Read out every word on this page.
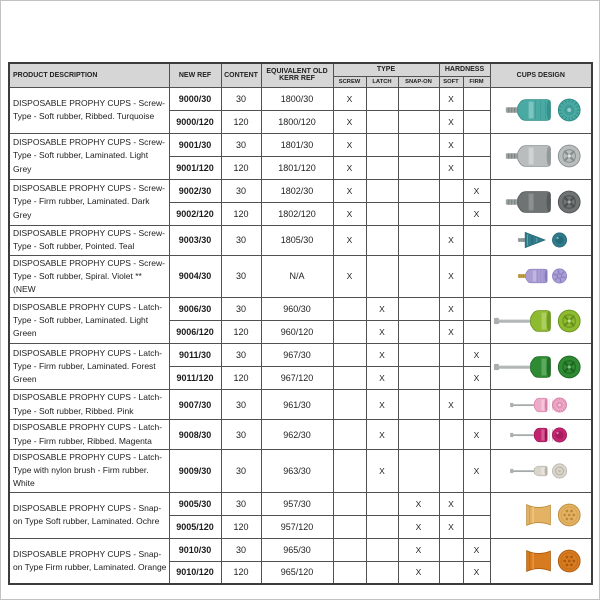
PRODUCT DESCRIPTION	NEW REF	CONTENT	EQUIVALENT OLD KERR REF	TYPE			HARDNESS		CUPS DESIGN
				SCREW	LATCH	SNAP-ON	SOFT	FIRM	
DISPOSABLE PROPHY CUPS - Screw-Type - Soft rubber, Ribbed. Turquoise	9000/30	30	1800/30	X			X		

	9000/120	120	1800/120	X			X		
DISPOSABLE PROPHY CUPS - Screw-Type - Soft rubber, Laminated. Light Grey	9001/30	30	1801/30	X			X		

	9001/120	120	1801/120	X			X		
DISPOSABLE PROPHY CUPS - Screw-Type - Firm rubber, Laminated. Dark Grey	9002/30	30	1802/30	X				X	

	9002/120	120	1802/120	X				X	
DISPOSABLE PROPHY CUPS - Screw-Type - Soft rubber, Pointed. Teal	9003/30	30	1805/30	X			X		

DISPOSABLE PROPHY CUPS - Screw-Type - Soft rubber, Spiral. Violet ** (NEW	9004/30	30	N/A	X			X		

DISPOSABLE PROPHY CUPS - Latch-Type - Soft rubber, Laminated. Light Green	9006/30	30	960/30		X		X		

	9006/120	120	960/120		X		X		
DISPOSABLE PROPHY CUPS - Latch-Type - Firm rubber, Laminated. Forest Green	9011/30	30	967/30		X			X	

	9011/120	120	967/120		X			X	
DISPOSABLE PROPHY CUPS - Latch-Type - Soft rubber, Ribbed. Pink	9007/30	30	961/30		X		X		

DISPOSABLE PROPHY CUPS - Latch-Type - Firm rubber, Ribbed. Magenta	9008/30	30	962/30		X			X	

DISPOSABLE PROPHY CUPS - Latch-Type with nylon brush - Firm rubber. White	9009/30	30	963/30		X			X	

DISPOSABLE PROPHY CUPS - Snap-on Type Soft rubber, Laminated. Ochre	9005/30	30	957/30			X	X		

	9005/120	120	957/120			X	X		
DISPOSABLE PROPHY CUPS - Snap-on Type Firm rubber, Laminated. Orange	9010/30	30	965/30			X		X	

	9010/120	120	965/120			X		X	
